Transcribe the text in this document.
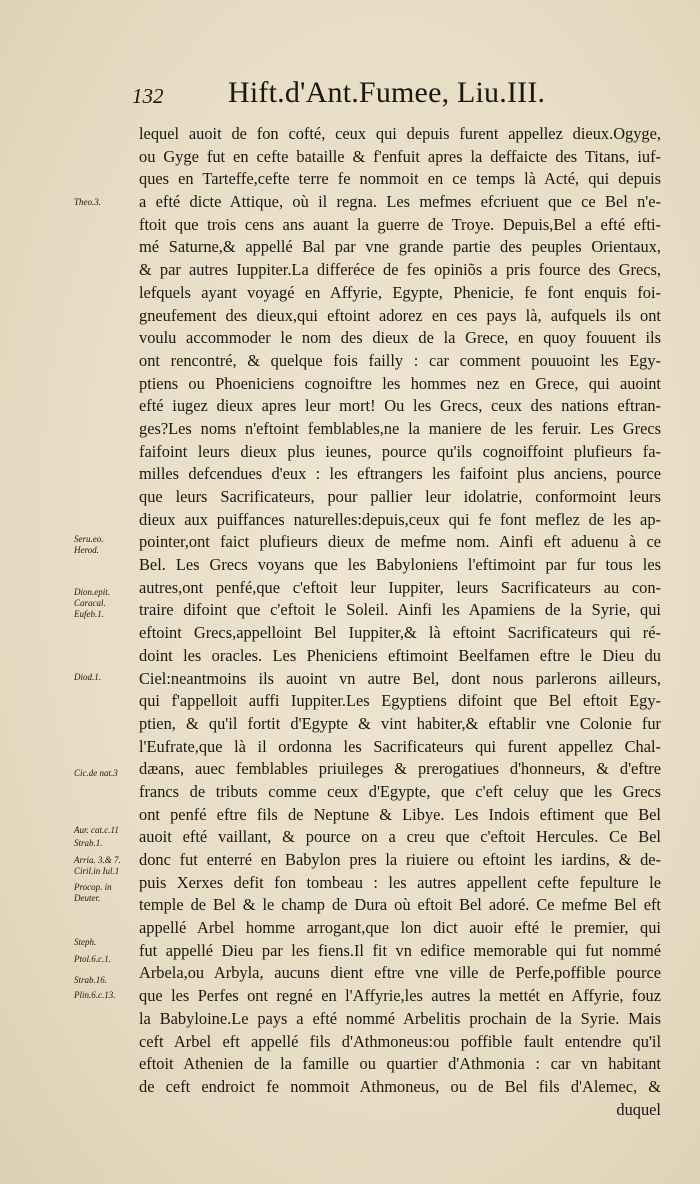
132 Hift.d'Ant.Fumee, Liu.III.
Theo.3.
Seru.eo.
Herod.
Dion.epit.
Caracal.
Eufeb.1.
Diod.1.
Cic.de nat.3
Aur. cat.c.11
Strab.1.
Arria. 3.& 7.
Ciril.in Iul.1
Procop. in
Deuter.
Steph.
Ptol.6.c.1.
Strab.16.
Plin.6.c.13.
lequel auoit de fon cofté, ceux qui depuis furent appellez dieux.Ogyge,
ou Gyge fut en cefte bataille & f'enfuit apres la deffaicte des Titans, iuf-
ques en Tarteffe,cefte terre fe nommoit en ce temps là Acté, qui depuis
a efté dicte Attique, où il regna. Les mefmes efcriuent que ce Bel n'e-
ftoit que trois cens ans auant la guerre de Troye. Depuis,Bel a efté efti-
mé Saturne,& appellé Bal par vne grande partie des peuples Orientaux,
& par autres Iuppiter.La differéce de fes opiniõs a pris fource des Grecs,
lefquels ayant voyagé en Affyrie, Egypte, Phenicie, fe font enquis foi-
gneufement des dieux,qui eftoint adorez en ces pays là, aufquels ils ont
voulu accommoder le nom des dieux de la Grece, en quoy fouuent ils
ont rencontré, & quelque fois failly : car comment pouuoint les Egy-
ptiens ou Phoeniciens cognoiftre les hommes nez en Grece, qui auoint
efté iugez dieux apres leur mort! Ou les Grecs, ceux des nations eftran-
ges?Les noms n'eftoint femblables,ne la maniere de les feruir. Les Grecs
faifoint leurs dieux plus ieunes, pource qu'ils cognoiffoint plufieurs fa-
milles defcendues d'eux : les eftrangers les faifoint plus anciens, pource
que leurs Sacrificateurs, pour pallier leur idolatrie, conformoint leurs
dieux aux puiffances naturelles:depuis,ceux qui fe font meflez de les ap-
pointer,ont faict plufieurs dieux de mefme nom. Ainfi eft aduenu à ce
Bel. Les Grecs voyans que les Babyloniens l'eftimoint par fur tous les
autres,ont penfé,que c'eftoit leur Iuppiter, leurs Sacrificateurs au con-
traire difoint que c'eftoit le Soleil. Ainfi les Apamiens de la Syrie, qui
eftoint Grecs,appelloint Bel Iuppiter,& là eftoint Sacrificateurs qui ré-
doint les oracles. Les Pheniciens eftimoint Beelfamen eftre le Dieu du
Ciel:neantmoins ils auoint vn autre Bel, dont nous parlerons ailleurs,
qui f'appelloit auffi Iuppiter.Les Egyptiens difoint que Bel eftoit Egy-
ptien, & qu'il fortit d'Egypte & vint habiter,& eftablir vne Colonie fur
l'Eufrate,que là il ordonna les Sacrificateurs qui furent appellez Chal-
dæans, auec femblables priuileges & prerogatiues d'honneurs, & d'eftre
francs de tributs comme ceux d'Egypte, que c'eft celuy que les Grecs
ont penfé eftre fils de Neptune & Libye. Les Indois eftiment que Bel
auoit efté vaillant, & pource on a creu que c'eftoit Hercules. Ce Bel
donc fut enterré en Babylon pres la riuiere ou eftoint les iardins, & de-
puis Xerxes defit fon tombeau : les autres appellent cefte fepulture le
temple de Bel & le champ de Dura où eftoit Bel adoré. Ce mefme Bel eft
appellé Arbel homme arrogant,que lon dict auoir efté le premier, qui
fut appellé Dieu par les fiens.Il fit vn edifice memorable qui fut nommé
Arbela,ou Arbyla, aucuns dient eftre vne ville de Perfe,poffible pource
que les Perfes ont regné en l'Affyrie,les autres la mettét en Affyrie, fouz
la Babyloine.Le pays a efté nommé Arbelitis prochain de la Syrie. Mais
ceft Arbel eft appellé fils d'Athmoneus:ou poffible fault entendre qu'il
eftoit Athenien de la famille ou quartier d'Athmonia : car vn habitant
de ceft endroict fe nommoit Athmoneus, ou de Bel fils d'Alemec, &
duquel
